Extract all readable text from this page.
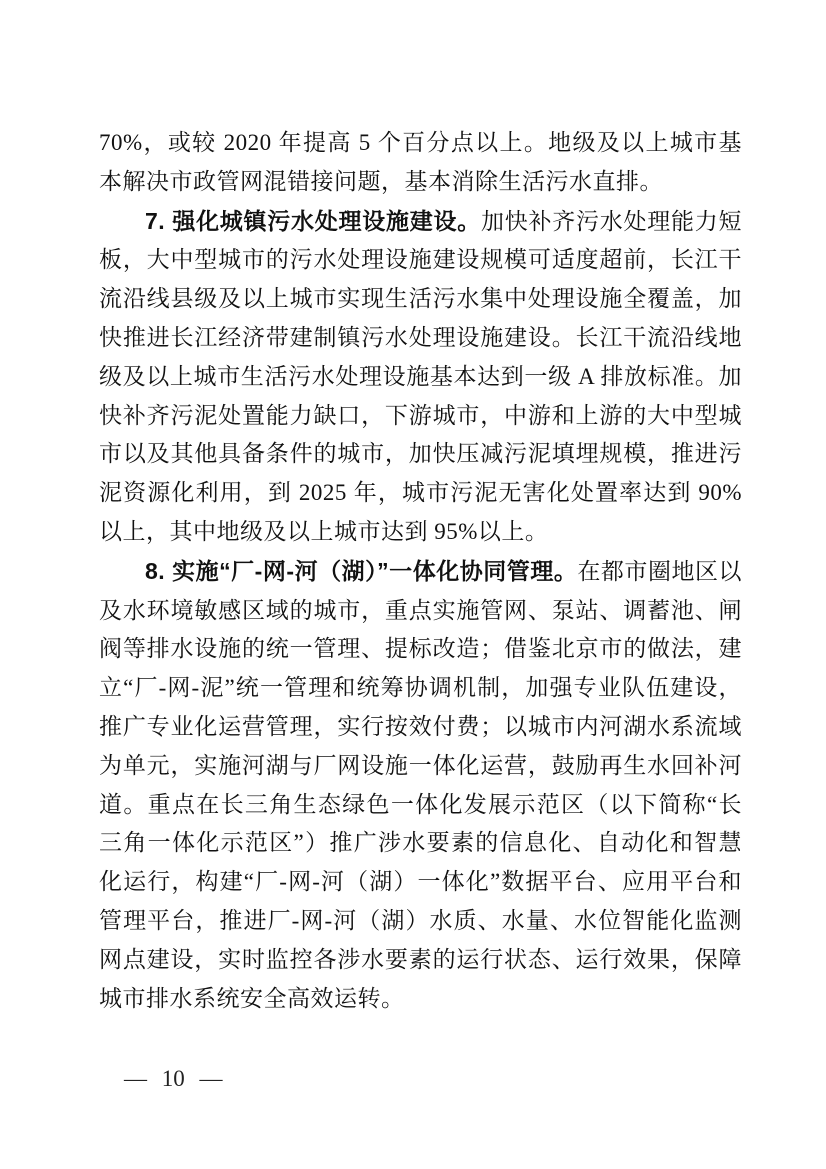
70%，或较 2020 年提高 5 个百分点以上。地级及以上城市基本解决市政管网混错接问题，基本消除生活污水直排。

7. 强化城镇污水处理设施建设。加快补齐污水处理能力短板，大中型城市的污水处理设施建设规模可适度超前，长江干流沿线县级及以上城市实现生活污水集中处理设施全覆盖，加快推进长江经济带建制镇污水处理设施建设。长江干流沿线地级及以上城市生活污水处理设施基本达到一级 A 排放标准。加快补齐污泥处置能力缺口，下游城市，中游和上游的大中型城市以及其他具备条件的城市，加快压减污泥填埋规模，推进污泥资源化利用，到 2025 年，城市污泥无害化处置率达到 90%以上，其中地级及以上城市达到 95%以上。

8. 实施“厂-网-河（湖）”一体化协同管理。在都市圈地区以及水环境敏感区域的城市，重点实施管网、泵站、调蓄池、闸阀等排水设施的统一管理、提标改造；借鉴北京市的做法，建立“厂-网-泥”统一管理和统筹协调机制，加强专业队伍建设，推广专业化运营管理，实行按效付费；以城市内河湖水系流域为单元，实施河湖与厂网设施一体化运营，鼓励再生水回补河道。重点在长三角生态绿色一体化发展示范区（以下简称“长三角一体化示范区”）推广涉水要素的信息化、自动化和智慧化运行，构建“厂-网-河（湖）一体化”数据平台、应用平台和管理平台，推进厂-网-河（湖）水质、水量、水位智能化监测网点建设，实时监控各涉水要素的运行状态、运行效果，保障城市排水系统安全高效运转。

— 10 —
